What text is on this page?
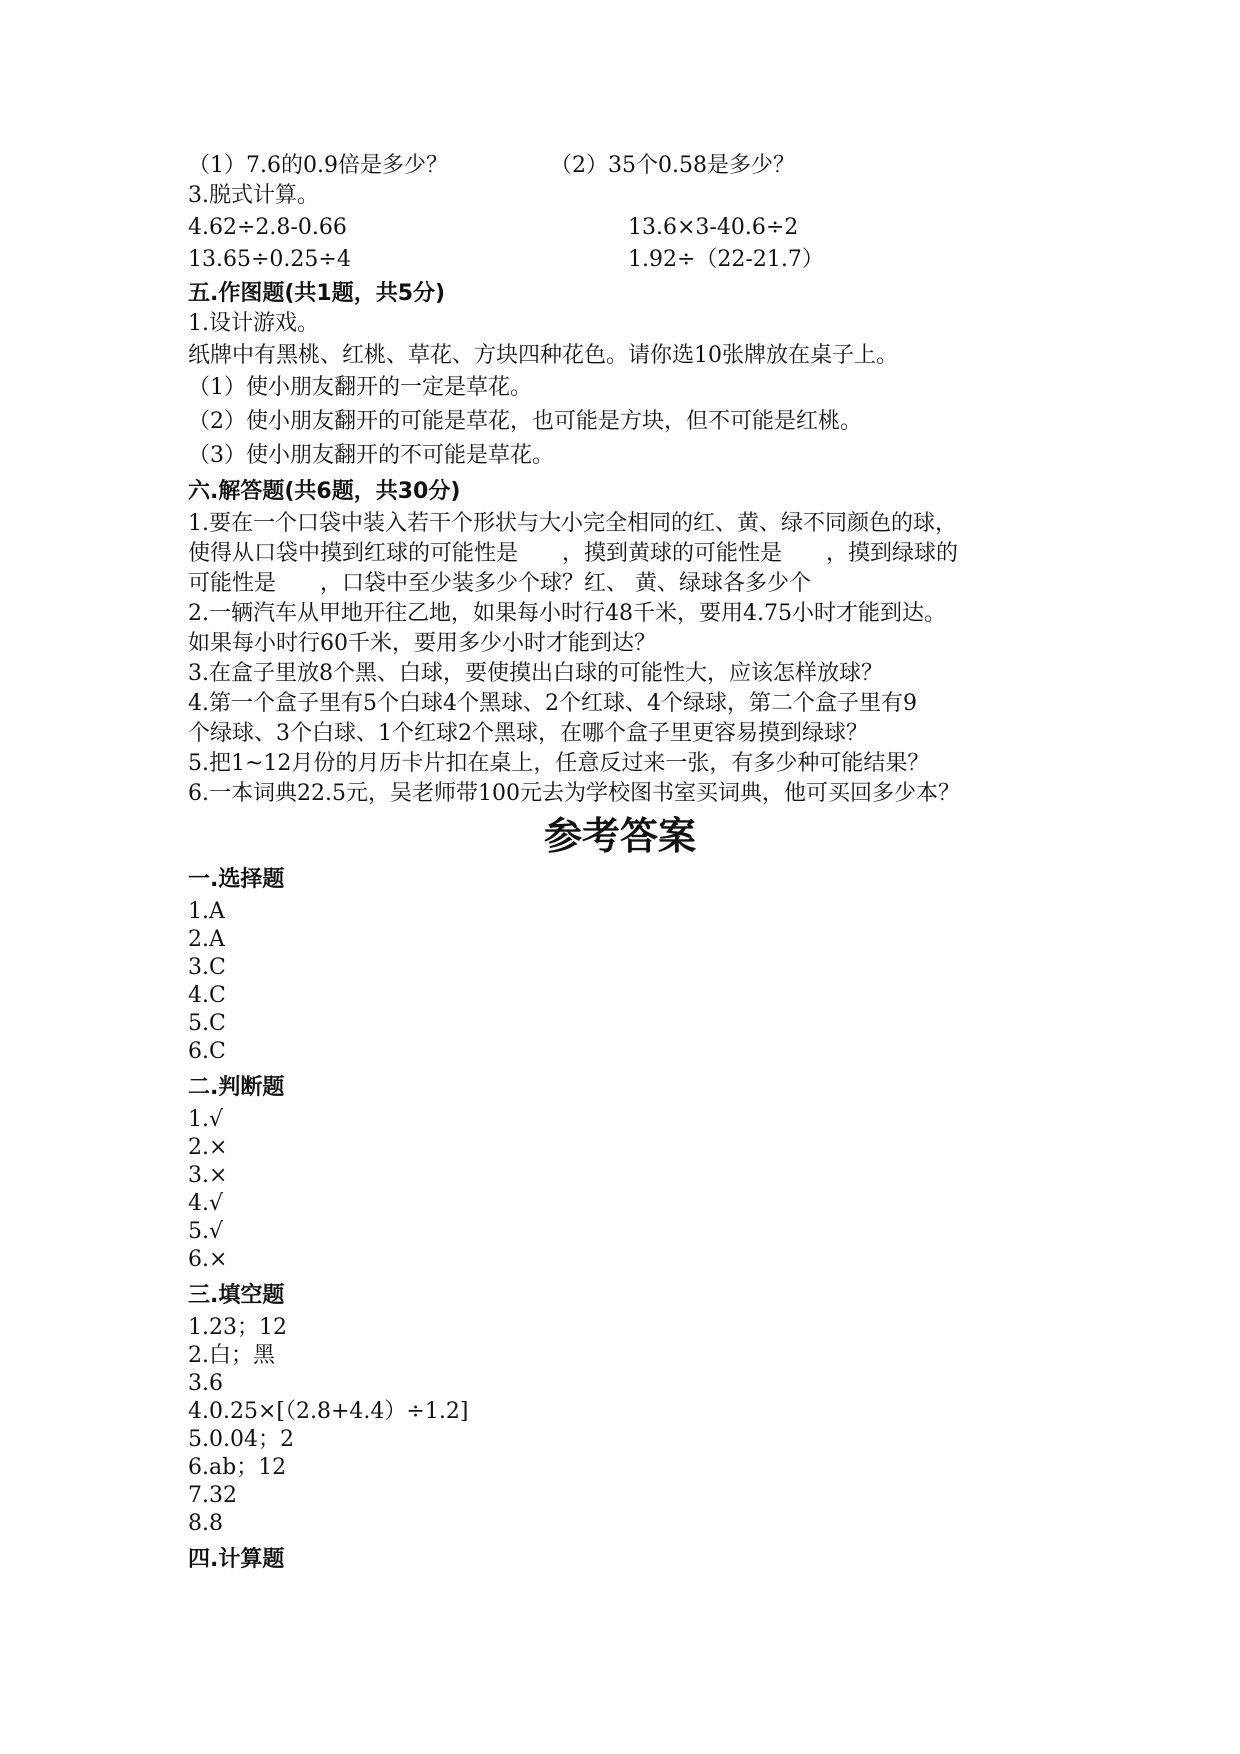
（1）7.6的0.9倍是多少？	（2）35个0.58是多少？
3.脱式计算。
4.62÷2.8-0.66	13.6×3-40.6÷2
13.65÷0.25÷4	1.92÷（22-21.7）
五.作图题(共1题，共5分)
1.设计游戏。
纸牌中有黑桃、红桃、草花、方块四种花色。请你选10张牌放在桌子上。
（1）使小朋友翻开的一定是草花。
（2）使小朋友翻开的可能是草花，也可能是方块，但不可能是红桃。
（3）使小朋友翻开的不可能是草花。
六.解答题(共6题，共30分)
1.要在一个口袋中装入若干个形状与大小完全相同的红、黄、绿不同颜色的球，
使得从口袋中摸到红球的可能性是　　，摸到黄球的可能性是　　，摸到绿球的
可能性是　　，口袋中至少装多少个球？红、 黄、绿球各多少个
2.一辆汽车从甲地开往乙地，如果每小时行48千米，要用4.75小时才能到达。
如果每小时行60千米，要用多少小时才能到达？
3.在盒子里放8个黑、白球，要使摸出白球的可能性大，应该怎样放球？
4.第一个盒子里有5个白球4个黑球、2个红球、4个绿球，第二个盒子里有9
个绿球、3个白球、1个红球2个黑球，在哪个盒子里更容易摸到绿球？
5.把1~12月份的月历卡片扣在桌上，任意反过来一张，有多少种可能结果？
6.一本词典22.5元，吴老师带100元去为学校图书室买词典，他可买回多少本？
参考答案
一.选择题
1.A
2.A
3.C
4.C
5.C
6.C
二.判断题
1.√
2.×
3.×
4.√
5.√
6.×
三.填空题
1.23；12
2.白；黑
3.6
4.0.25×[（2.8+4.4）÷1.2]
5.0.04；2
6.ab；12
7.32
8.8
四.计算题
